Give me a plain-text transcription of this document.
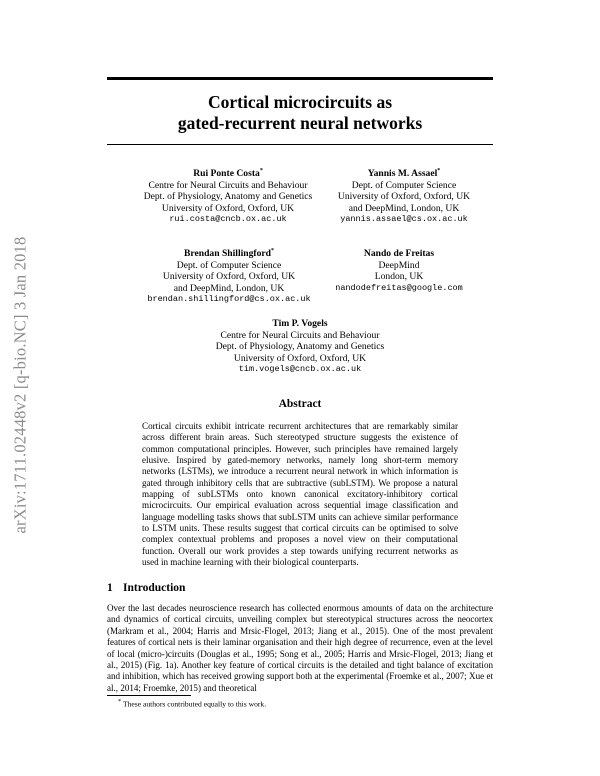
arXiv:1711.02448v2 [q-bio.NC] 3 Jan 2018
Cortical microcircuits as
gated-recurrent neural networks
Rui Ponte Costa*
Centre for Neural Circuits and Behaviour
Dept. of Physiology, Anatomy and Genetics
University of Oxford, Oxford, UK
rui.costa@cncb.ox.ac.uk
Yannis M. Assael*
Dept. of Computer Science
University of Oxford, Oxford, UK
and DeepMind, London, UK
yannis.assael@cs.ox.ac.uk
Brendan Shillingford*
Dept. of Computer Science
University of Oxford, Oxford, UK
and DeepMind, London, UK
brendan.shillingford@cs.ox.ac.uk
Nando de Freitas
DeepMind
London, UK
nandodefreitas@google.com
Tim P. Vogels
Centre for Neural Circuits and Behaviour
Dept. of Physiology, Anatomy and Genetics
University of Oxford, Oxford, UK
tim.vogels@cncb.ox.ac.uk
Abstract
Cortical circuits exhibit intricate recurrent architectures that are remarkably similar across different brain areas. Such stereotyped structure suggests the existence of common computational principles. However, such principles have remained largely elusive. Inspired by gated-memory networks, namely long short-term memory networks (LSTMs), we introduce a recurrent neural network in which information is gated through inhibitory cells that are subtractive (subLSTM). We propose a natural mapping of subLSTMs onto known canonical excitatory-inhibitory cortical microcircuits. Our empirical evaluation across sequential image classification and language modelling tasks shows that subLSTM units can achieve similar performance to LSTM units. These results suggest that cortical circuits can be optimised to solve complex contextual problems and proposes a novel view on their computational function. Overall our work provides a step towards unifying recurrent networks as used in machine learning with their biological counterparts.
1 Introduction
Over the last decades neuroscience research has collected enormous amounts of data on the architecture and dynamics of cortical circuits, unveiling complex but stereotypical structures across the neocortex (Markram et al., 2004; Harris and Mrsic-Flogel, 2013; Jiang et al., 2015). One of the most prevalent features of cortical nets is their laminar organisation and their high degree of recurrence, even at the level of local (micro-)circuits (Douglas et al., 1995; Song et al., 2005; Harris and Mrsic-Flogel, 2013; Jiang et al., 2015) (Fig. 1a). Another key feature of cortical circuits is the detailed and tight balance of excitation and inhibition, which has received growing support both at the experimental (Froemke et al., 2007; Xue et al., 2014; Froemke, 2015) and theoretical
* These authors contributed equally to this work.
